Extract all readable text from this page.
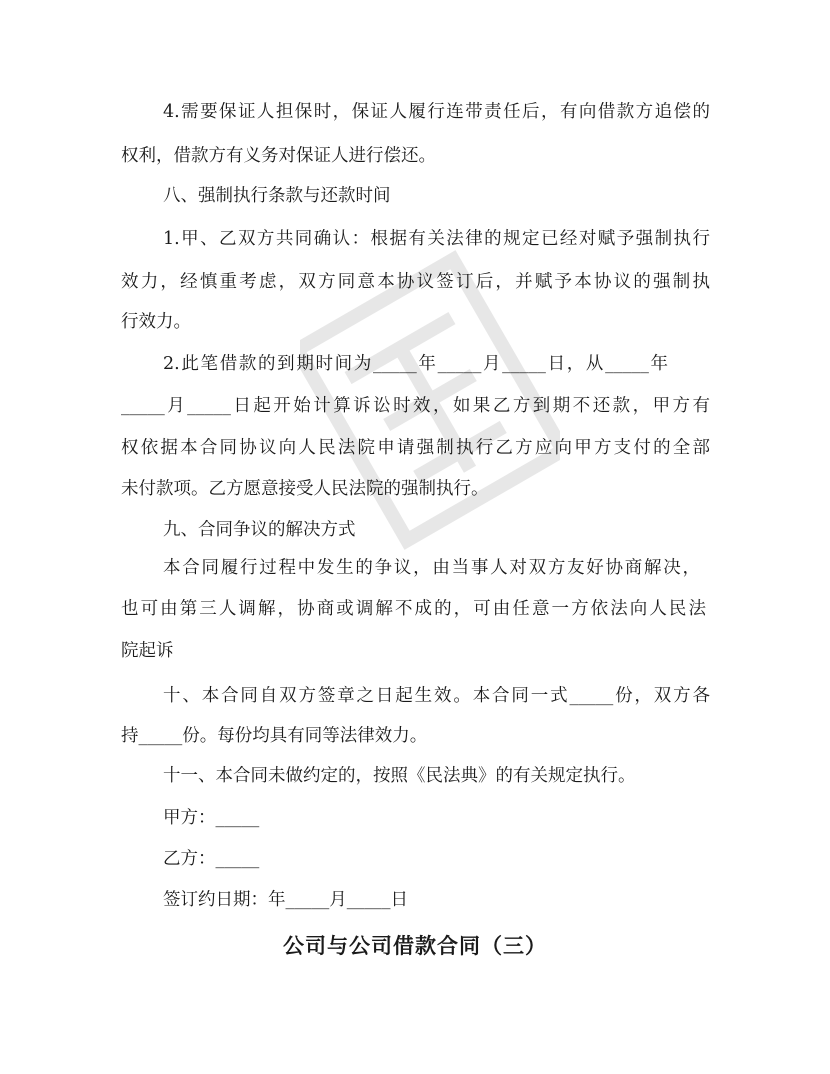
4.需要保证人担保时，保证人履行连带责任后，有向借款方追偿的
权利，借款方有义务对保证人进行偿还。
八、强制执行条款与还款时间
1.甲、乙双方共同确认：根据有关法律的规定已经对赋予强制执行
效力，经慎重考虑，双方同意本协议签订后，并赋予本协议的强制执
行效力。
2.此笔借款的到期时间为_____年_____月_____日，从_____年
_____月_____日起开始计算诉讼时效，如果乙方到期不还款，甲方有
权依据本合同协议向人民法院申请强制执行乙方应向甲方支付的全部
未付款项。乙方愿意接受人民法院的强制执行。
九、合同争议的解决方式
本合同履行过程中发生的争议，由当事人对双方友好协商解决，
也可由第三人调解，协商或调解不成的，可由任意一方依法向人民法
院起诉
十、本合同自双方签章之日起生效。本合同一式_____份，双方各
持_____份。每份均具有同等法律效力。
十一、本合同未做约定的，按照《民法典》的有关规定执行。
甲方：_____
乙方：_____
签订约日期：年_____月_____日
公司与公司借款合同（三）
